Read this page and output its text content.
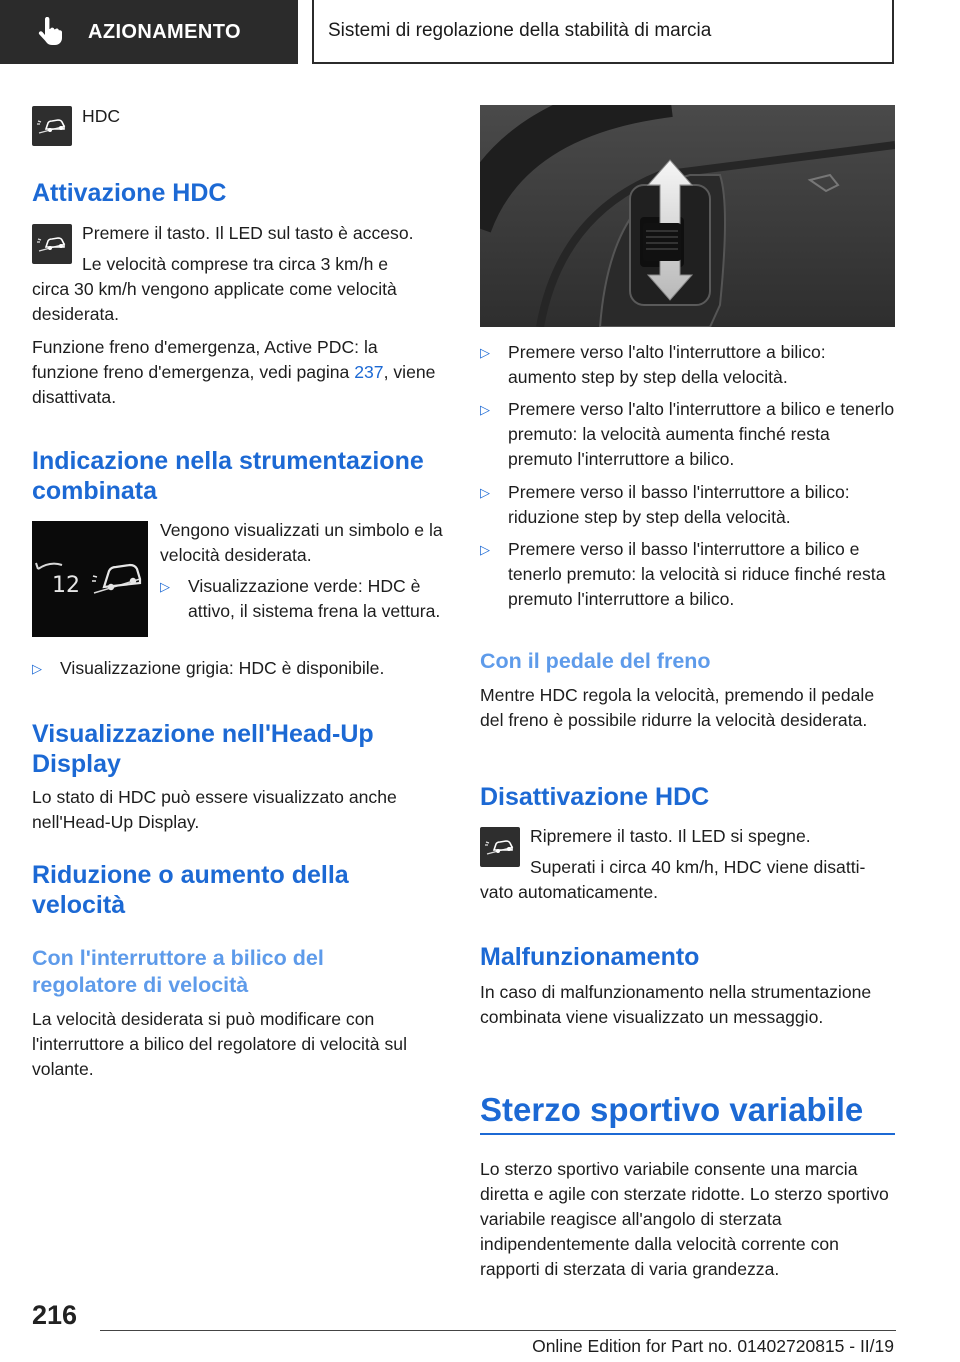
AZIONAMENTO	Sistemi di regolazione della stabilità di marcia

HDC

Attivazione HDC

Premere il tasto. Il LED sul tasto è acceso.

Le velocità comprese tra circa 3 km/h e

circa 30 km/h vengono applicate come velocità desiderata.

Funzione freno d'emergenza, Active PDC: la funzione freno d'emergenza, vedi pagina 237, viene disattivata.

Indicazione nella strumentazione combinata
12

Vengono visualizzati un simbolo e la velocità desiderata.

▷	Visualizzazione verde: HDC è attivo, il sistema frena la vettura.
▷	Visualizzazione grigia: HDC è disponibile.
Visualizzazione nell'Head-Up Display

Lo stato di HDC può essere visualizzato anche nell'Head-Up Display.

Riduzione o aumento della velocità
Con l'interruttore a bilico del regolatore di velocità

La velocità desiderata si può modificare con l'interruttore a bilico del regolatore di velocità sul volante.

▷	Premere verso l'alto l'interruttore a bilico: aumento step by step della velocità.
▷	Premere verso l'alto l'interruttore a bilico e tenerlo premuto: la velocità aumenta finché resta premuto l'interruttore a bilico.
▷	Premere verso il basso l'interruttore a bilico: riduzione step by step della velocità.
▷	Premere verso il basso l'interruttore a bilico e tenerlo premuto: la velocità si riduce finché resta premuto l'interruttore a bilico.
Con il pedale del freno

Mentre HDC regola la velocità, premendo il pedale del freno è possibile ridurre la velocità desiderata.

Disattivazione HDC

Ripremere il tasto. Il LED si spegne.

Superati i circa 40 km/h, HDC viene disatti-

vato automaticamente.

Malfunzionamento

In caso di malfunzionamento nella strumentazione combinata viene visualizzato un messaggio.

Sterzo sportivo variabile

Lo sterzo sportivo variabile consente una marcia diretta e agile con sterzate ridotte. Lo sterzo sportivo variabile reagisce all'angolo di sterzata indipendentemente dalla velocità corrente con rapporti di sterzata di varia grandezza.

216
Online Edition for Part no. 01402720815 - II/19
